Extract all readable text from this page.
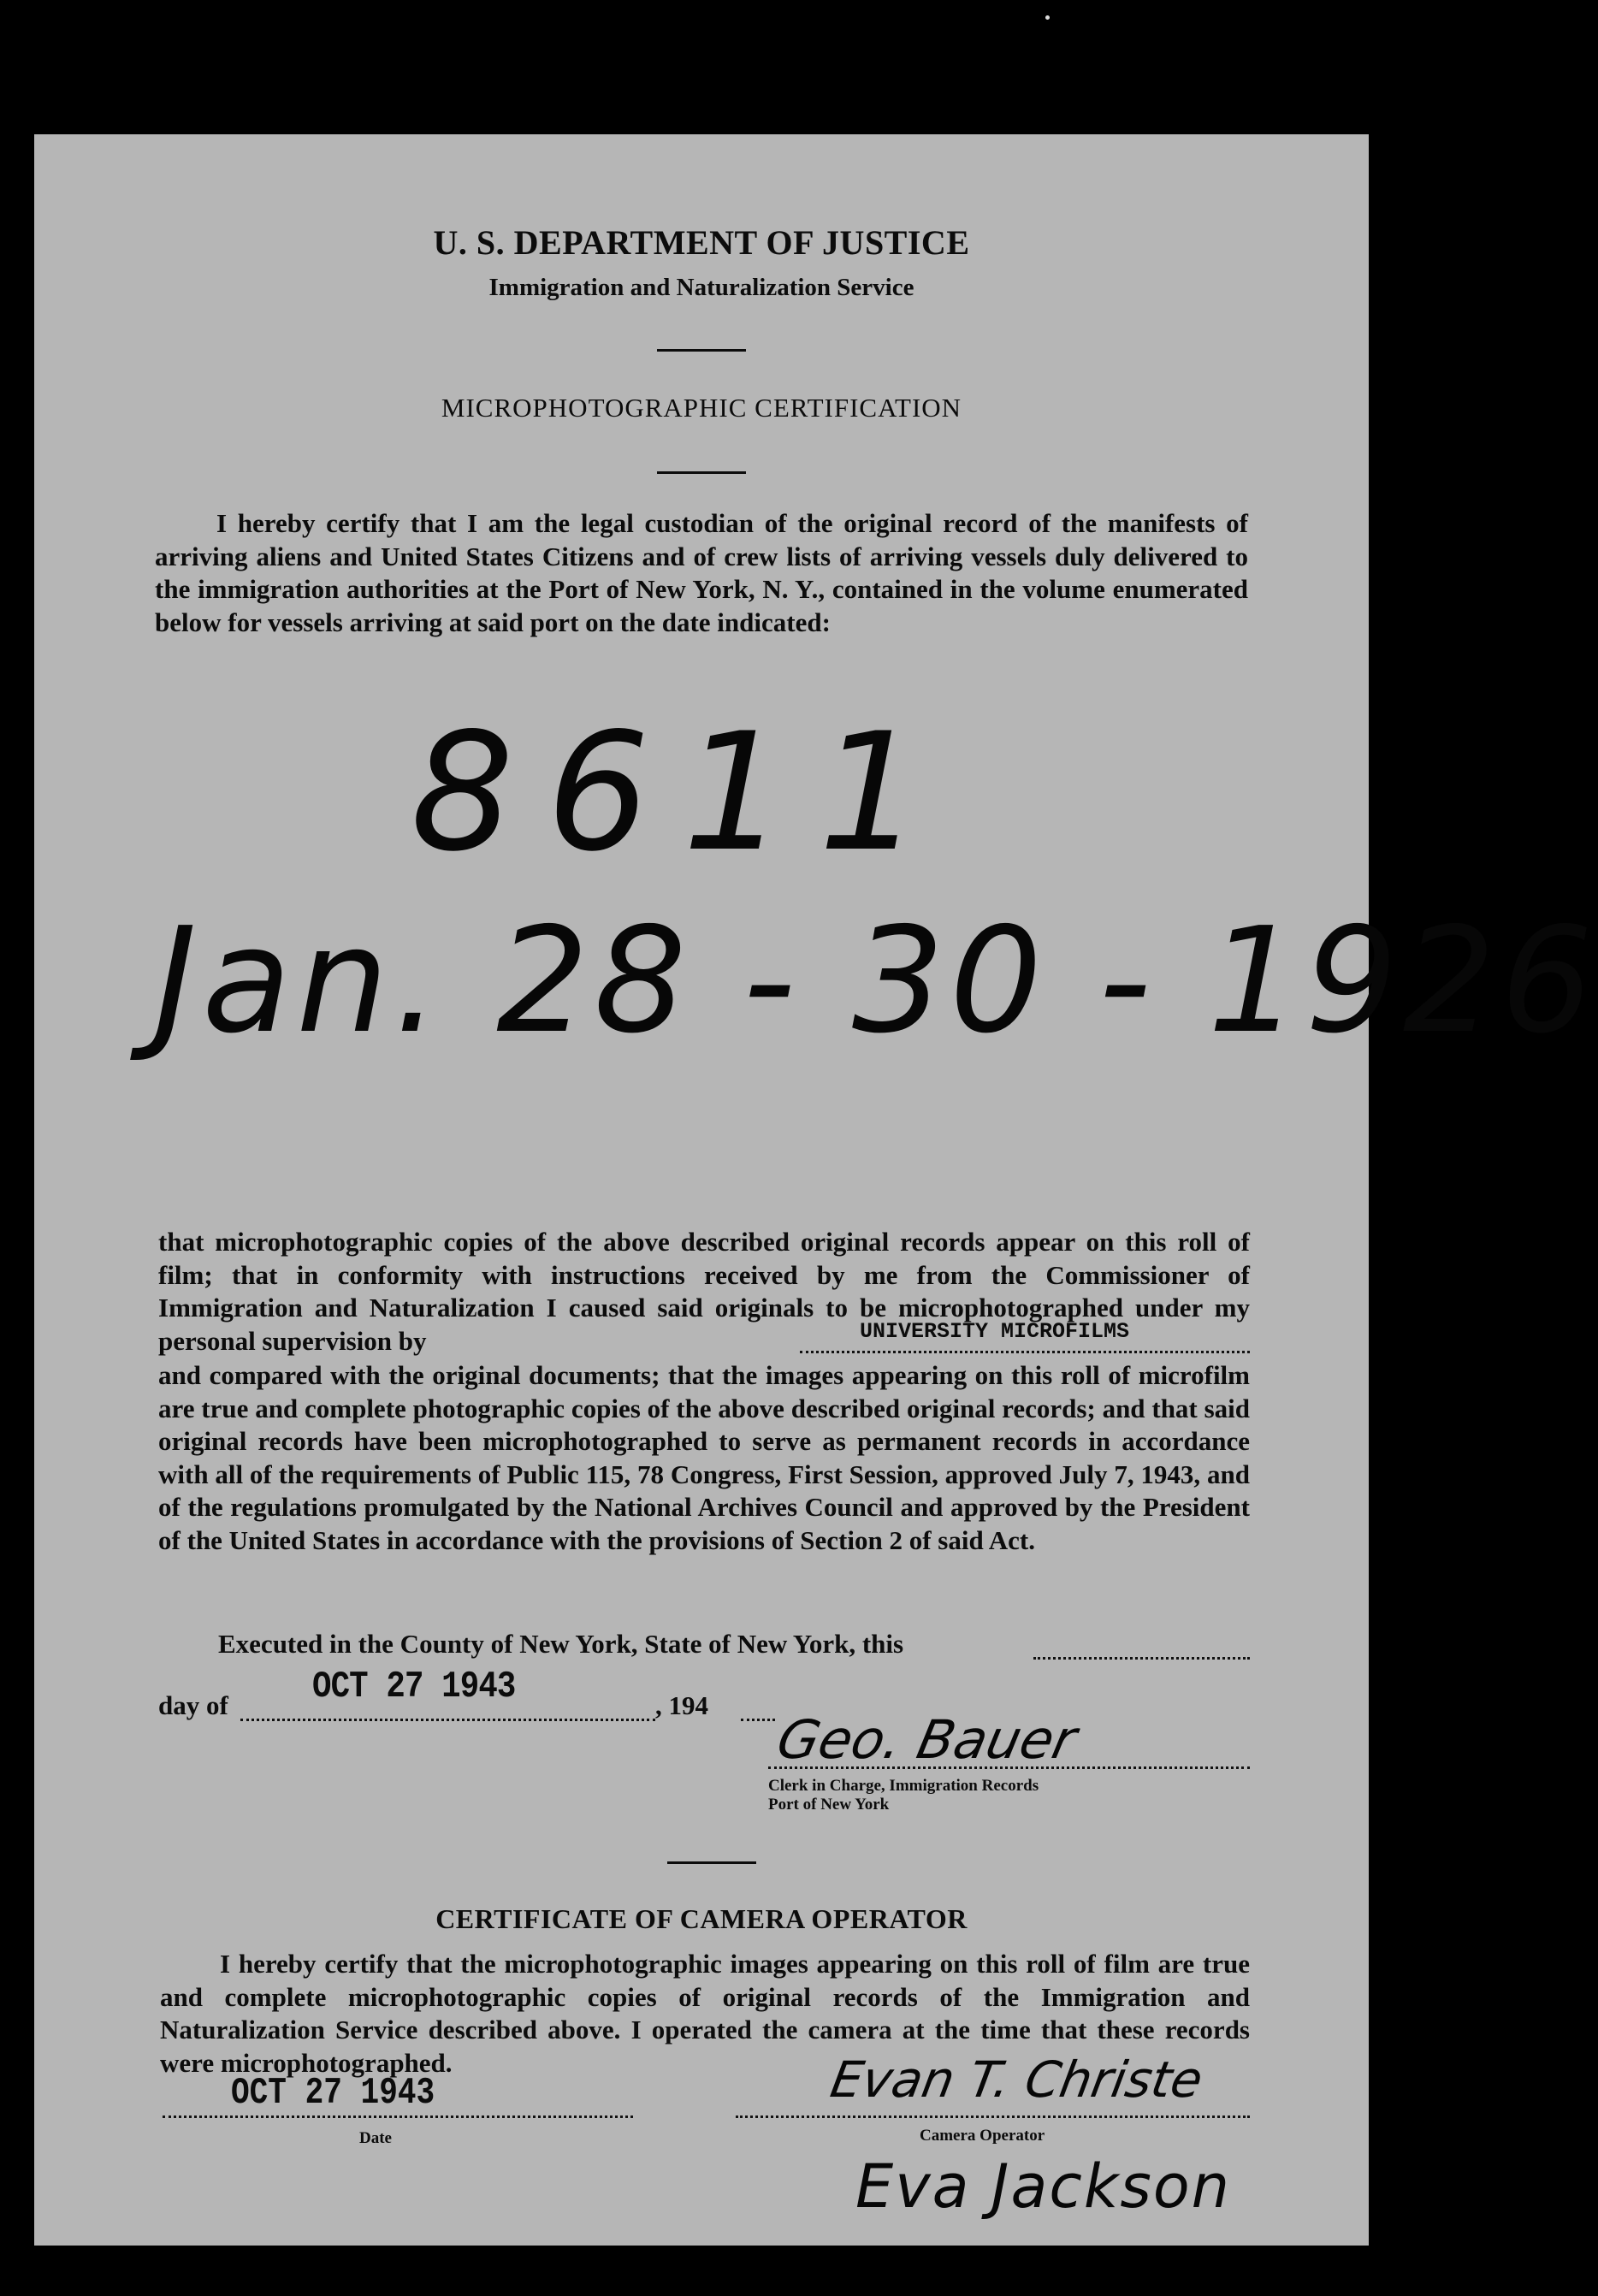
U. S. DEPARTMENT OF JUSTICE
Immigration and Naturalization Service
MICROPHOTOGRAPHIC CERTIFICATION
I hereby certify that I am the legal custodian of the original record of the manifests of arriving aliens and United States Citizens and of crew lists of arriving vessels duly delivered to the immigration authorities at the Port of New York, N. Y., contained in the volume enumerated below for vessels arriving at said port on the date indicated:
8611
Jan. 28 - 30 - 1926
that microphotographic copies of the above described original records appear on this roll of film; that in conformity with instructions received by me from the Commissioner of Immigration and Naturalization I caused said originals to be microphotographed under my personal supervision by	UNIVERSITY MICROFILMS
and compared with the original documents; that the images appearing on this roll of microfilm are true and complete photographic copies of the above described original records; and that said original records have been microphotographed to serve as permanent records in accordance with all of the requirements of Public 115, 78 Congress, First Session, approved July 7, 1943, and of the regulations promulgated by the National Archives Council and approved by the President of the United States in accordance with the provisions of Section 2 of said Act.
Executed in the County of New York, State of New York, this
day of OCT 27 1943	, 194
Geo. Bauer
Clerk in Charge, Immigration Records
Port of New York
CERTIFICATE OF CAMERA OPERATOR
I hereby certify that the microphotographic images appearing on this roll of film are true and complete microphotographic copies of original records of the Immigration and Naturalization Service described above. I operated the camera at the time that these records were microphotographed.
OCT 27 1943
Date
Evan T. Christe
Camera Operator
Eva Jackson
